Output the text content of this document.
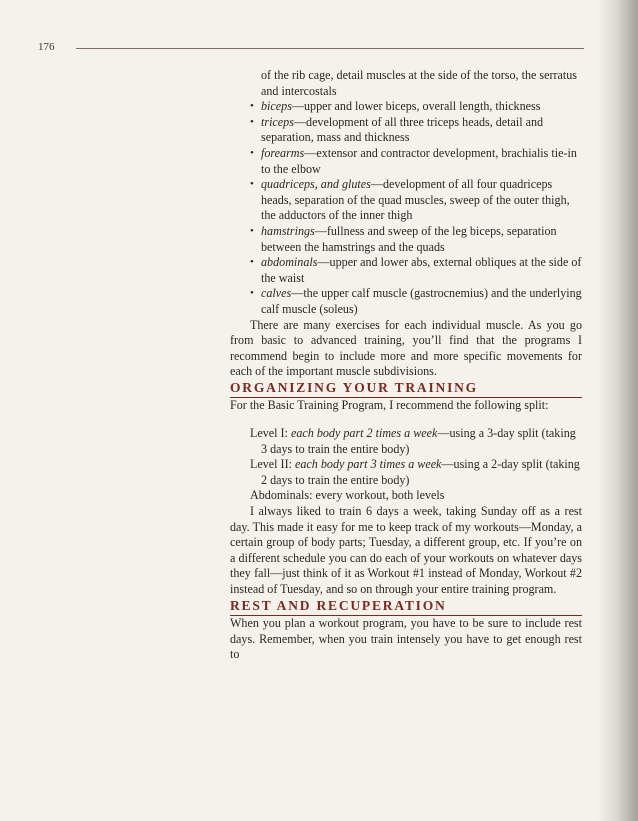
176
of the rib cage, detail muscles at the side of the torso, the serratus and intercostals
• biceps—upper and lower biceps, overall length, thickness
• triceps—development of all three triceps heads, detail and separation, mass and thickness
• forearms—extensor and contractor development, brachialis tie-in to the elbow
• quadriceps, and glutes—development of all four quadriceps heads, separation of the quad muscles, sweep of the outer thigh, the adductors of the inner thigh
• hamstrings—fullness and sweep of the leg biceps, separation between the hamstrings and the quads
• abdominals—upper and lower abs, external obliques at the side of the waist
• calves—the upper calf muscle (gastrocnemius) and the underlying calf muscle (soleus)

There are many exercises for each individual muscle. As you go from basic to advanced training, you’ll find that the programs I recommend begin to include more and more specific movements for each of the important muscle subdivisions.

ORGANIZING YOUR TRAINING

For the Basic Training Program, I recommend the following split:

Level I: each body part 2 times a week—using a 3-day split (taking 3 days to train the entire body)
Level II: each body part 3 times a week—using a 2-day split (taking 2 days to train the entire body)
Abdominals: every workout, both levels

I always liked to train 6 days a week, taking Sunday off as a rest day. This made it easy for me to keep track of my workouts—Monday, a certain group of body parts; Tuesday, a different group, etc. If you’re on a different schedule you can do each of your workouts on whatever days they fall—just think of it as Workout #1 instead of Monday, Workout #2 instead of Tuesday, and so on through your entire training program.

REST AND RECUPERATION

When you plan a workout program, you have to be sure to include rest days. Remember, when you train intensely you have to get enough rest to
